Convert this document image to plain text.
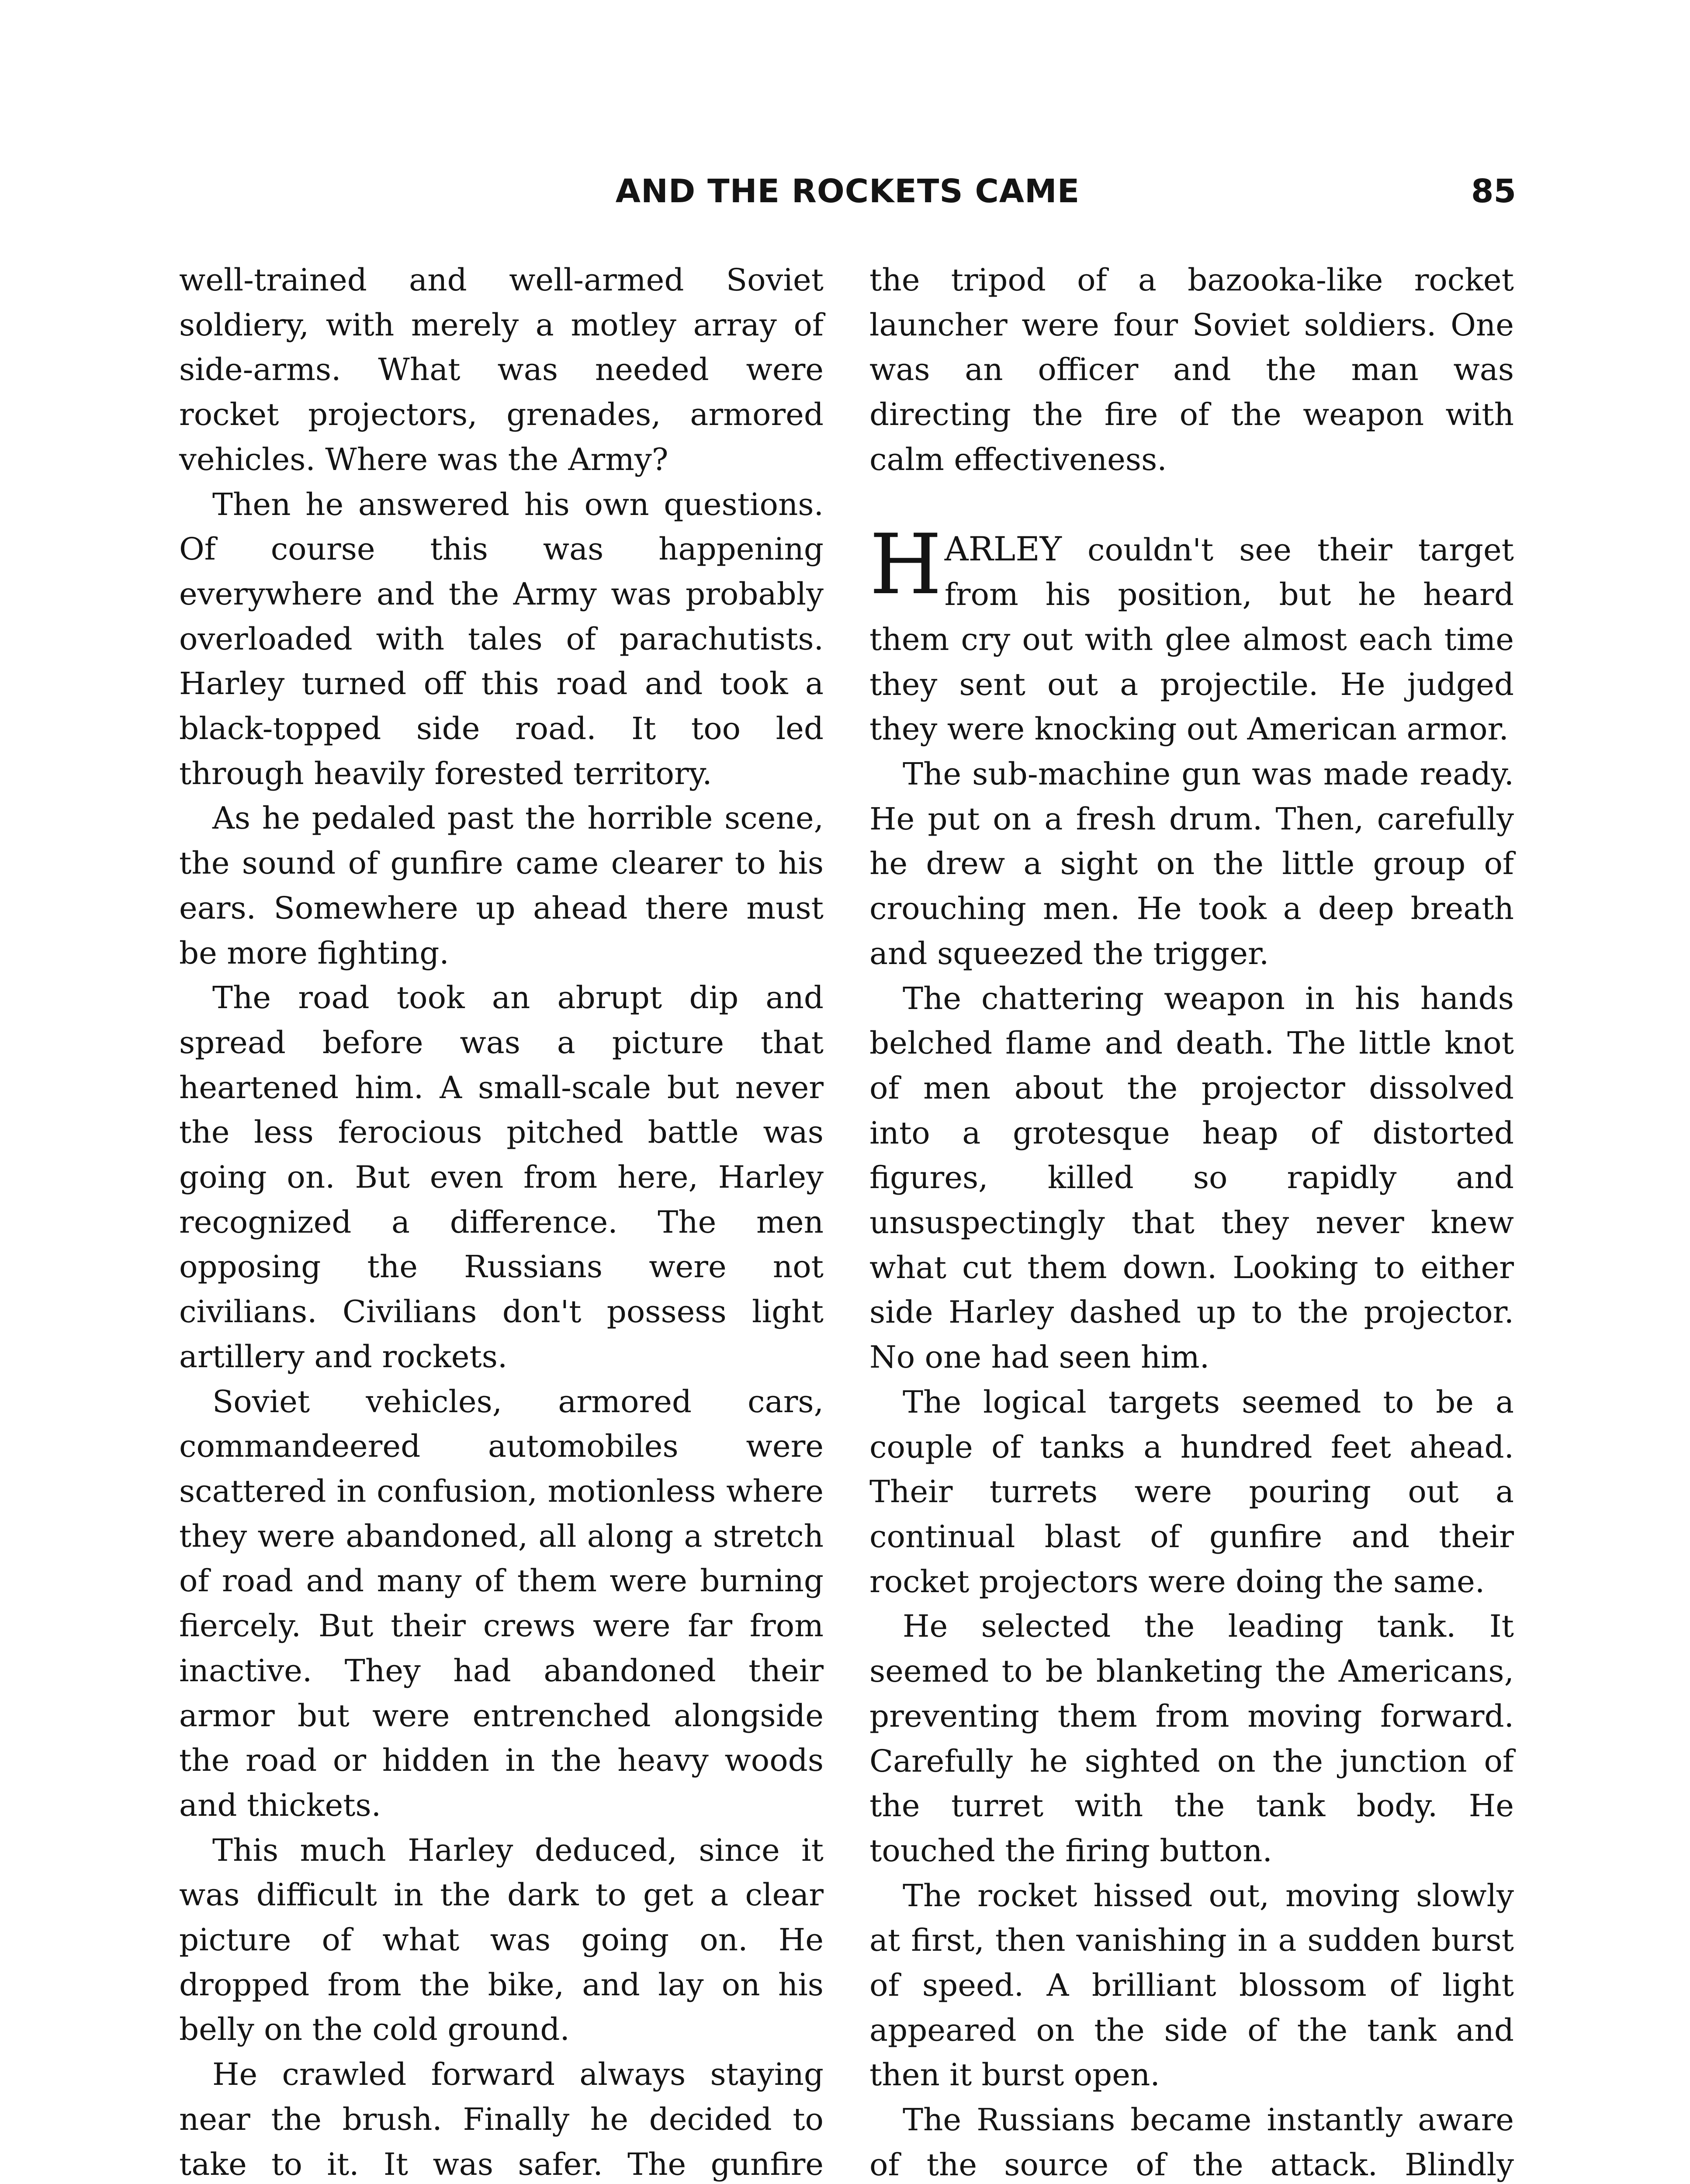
AND THE ROCKETS CAME	85

well-trained and well-armed Soviet soldiery, with merely a motley array of side-arms. What was needed were rocket projectors, grenades, armored vehicles. Where was the Army?

Then he answered his own questions. Of course this was happening everywhere and the Army was probably overloaded with tales of parachutists. Harley turned off this road and took a black-topped side road. It too led through heavily forested territory.

As he pedaled past the horrible scene, the sound of gunfire came clearer to his ears. Somewhere up ahead there must be more fighting.

The road took an abrupt dip and spread before was a picture that heartened him. A small-scale but never the less ferocious pitched battle was going on. But even from here, Harley recognized a difference. The men opposing the Russians were not civilians. Civilians don't possess light artillery and rockets.

Soviet vehicles, armored cars, commandeered automobiles were scattered in confusion, motionless where they were abandoned, all along a stretch of road and many of them were burning fiercely. But their crews were far from inactive. They had abandoned their armor but were entrenched alongside the road or hidden in the heavy woods and thickets.

This much Harley deduced, since it was difficult in the dark to get a clear picture of what was going on. He dropped from the bike, and lay on his belly on the cold ground.

He crawled forward always staying near the brush. Finally he decided to take to it. It was safer. The gunfire

the tripod of a bazooka-like rocket launcher were four Soviet soldiers. One was an officer and the man was directing the fire of the weapon with calm effectiveness.

HARLEY couldn't see their target from his position, but he heard them cry out with glee almost each time they sent out a projectile. He judged they were knocking out American armor.

The sub-machine gun was made ready. He put on a fresh drum. Then, carefully he drew a sight on the little group of crouching men. He took a deep breath and squeezed the trigger.

The chattering weapon in his hands belched flame and death. The little knot of men about the projector dissolved into a grotesque heap of distorted figures, killed so rapidly and unsuspectingly that they never knew what cut them down. Looking to either side Harley dashed up to the projector. No one had seen him.

The logical targets seemed to be a couple of tanks a hundred feet ahead. Their turrets were pouring out a continual blast of gunfire and their rocket projectors were doing the same.

He selected the leading tank. It seemed to be blanketing the Americans, preventing them from moving forward. Carefully he sighted on the junction of the turret with the tank body. He touched the firing button.

The rocket hissed out, moving slowly at first, then vanishing in a sudden burst of speed. A brilliant blossom of light appeared on the side of the tank and then it burst open.

The Russians became instantly aware of the source of the attack. Blindly
